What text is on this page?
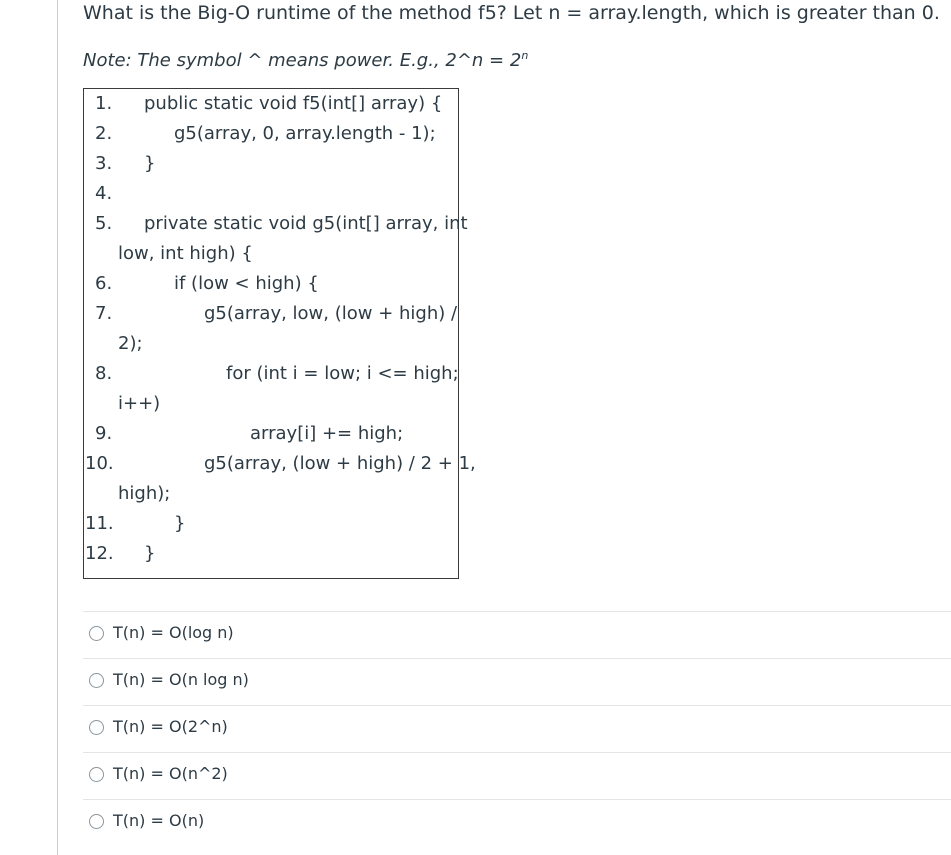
What is the Big-O runtime of the method f5? Let n = array.length, which is greater than 0.
Note: The symbol ^ means power. E.g., 2^n = $2^n$
1. public static void f5(int[] array) {
2.	g5(array, 0, array.length - 1);
3. }
4.
5. private static void g5(int[] array, int
low, int high) {
6.	if (low < high) {
7.	g5(array, low, (low + high) /
2);
8.	for (int i = low; i <= high;
i++)
9.	array[i] += high;
10.	g5(array, (low + high) / 2 + 1,
high);
11.	}
12. }
T(n) = O(log n)
T(n) = O(n log n)
T(n) = O(2^n)
T(n) = O(n^2)
T(n) = O(n)
